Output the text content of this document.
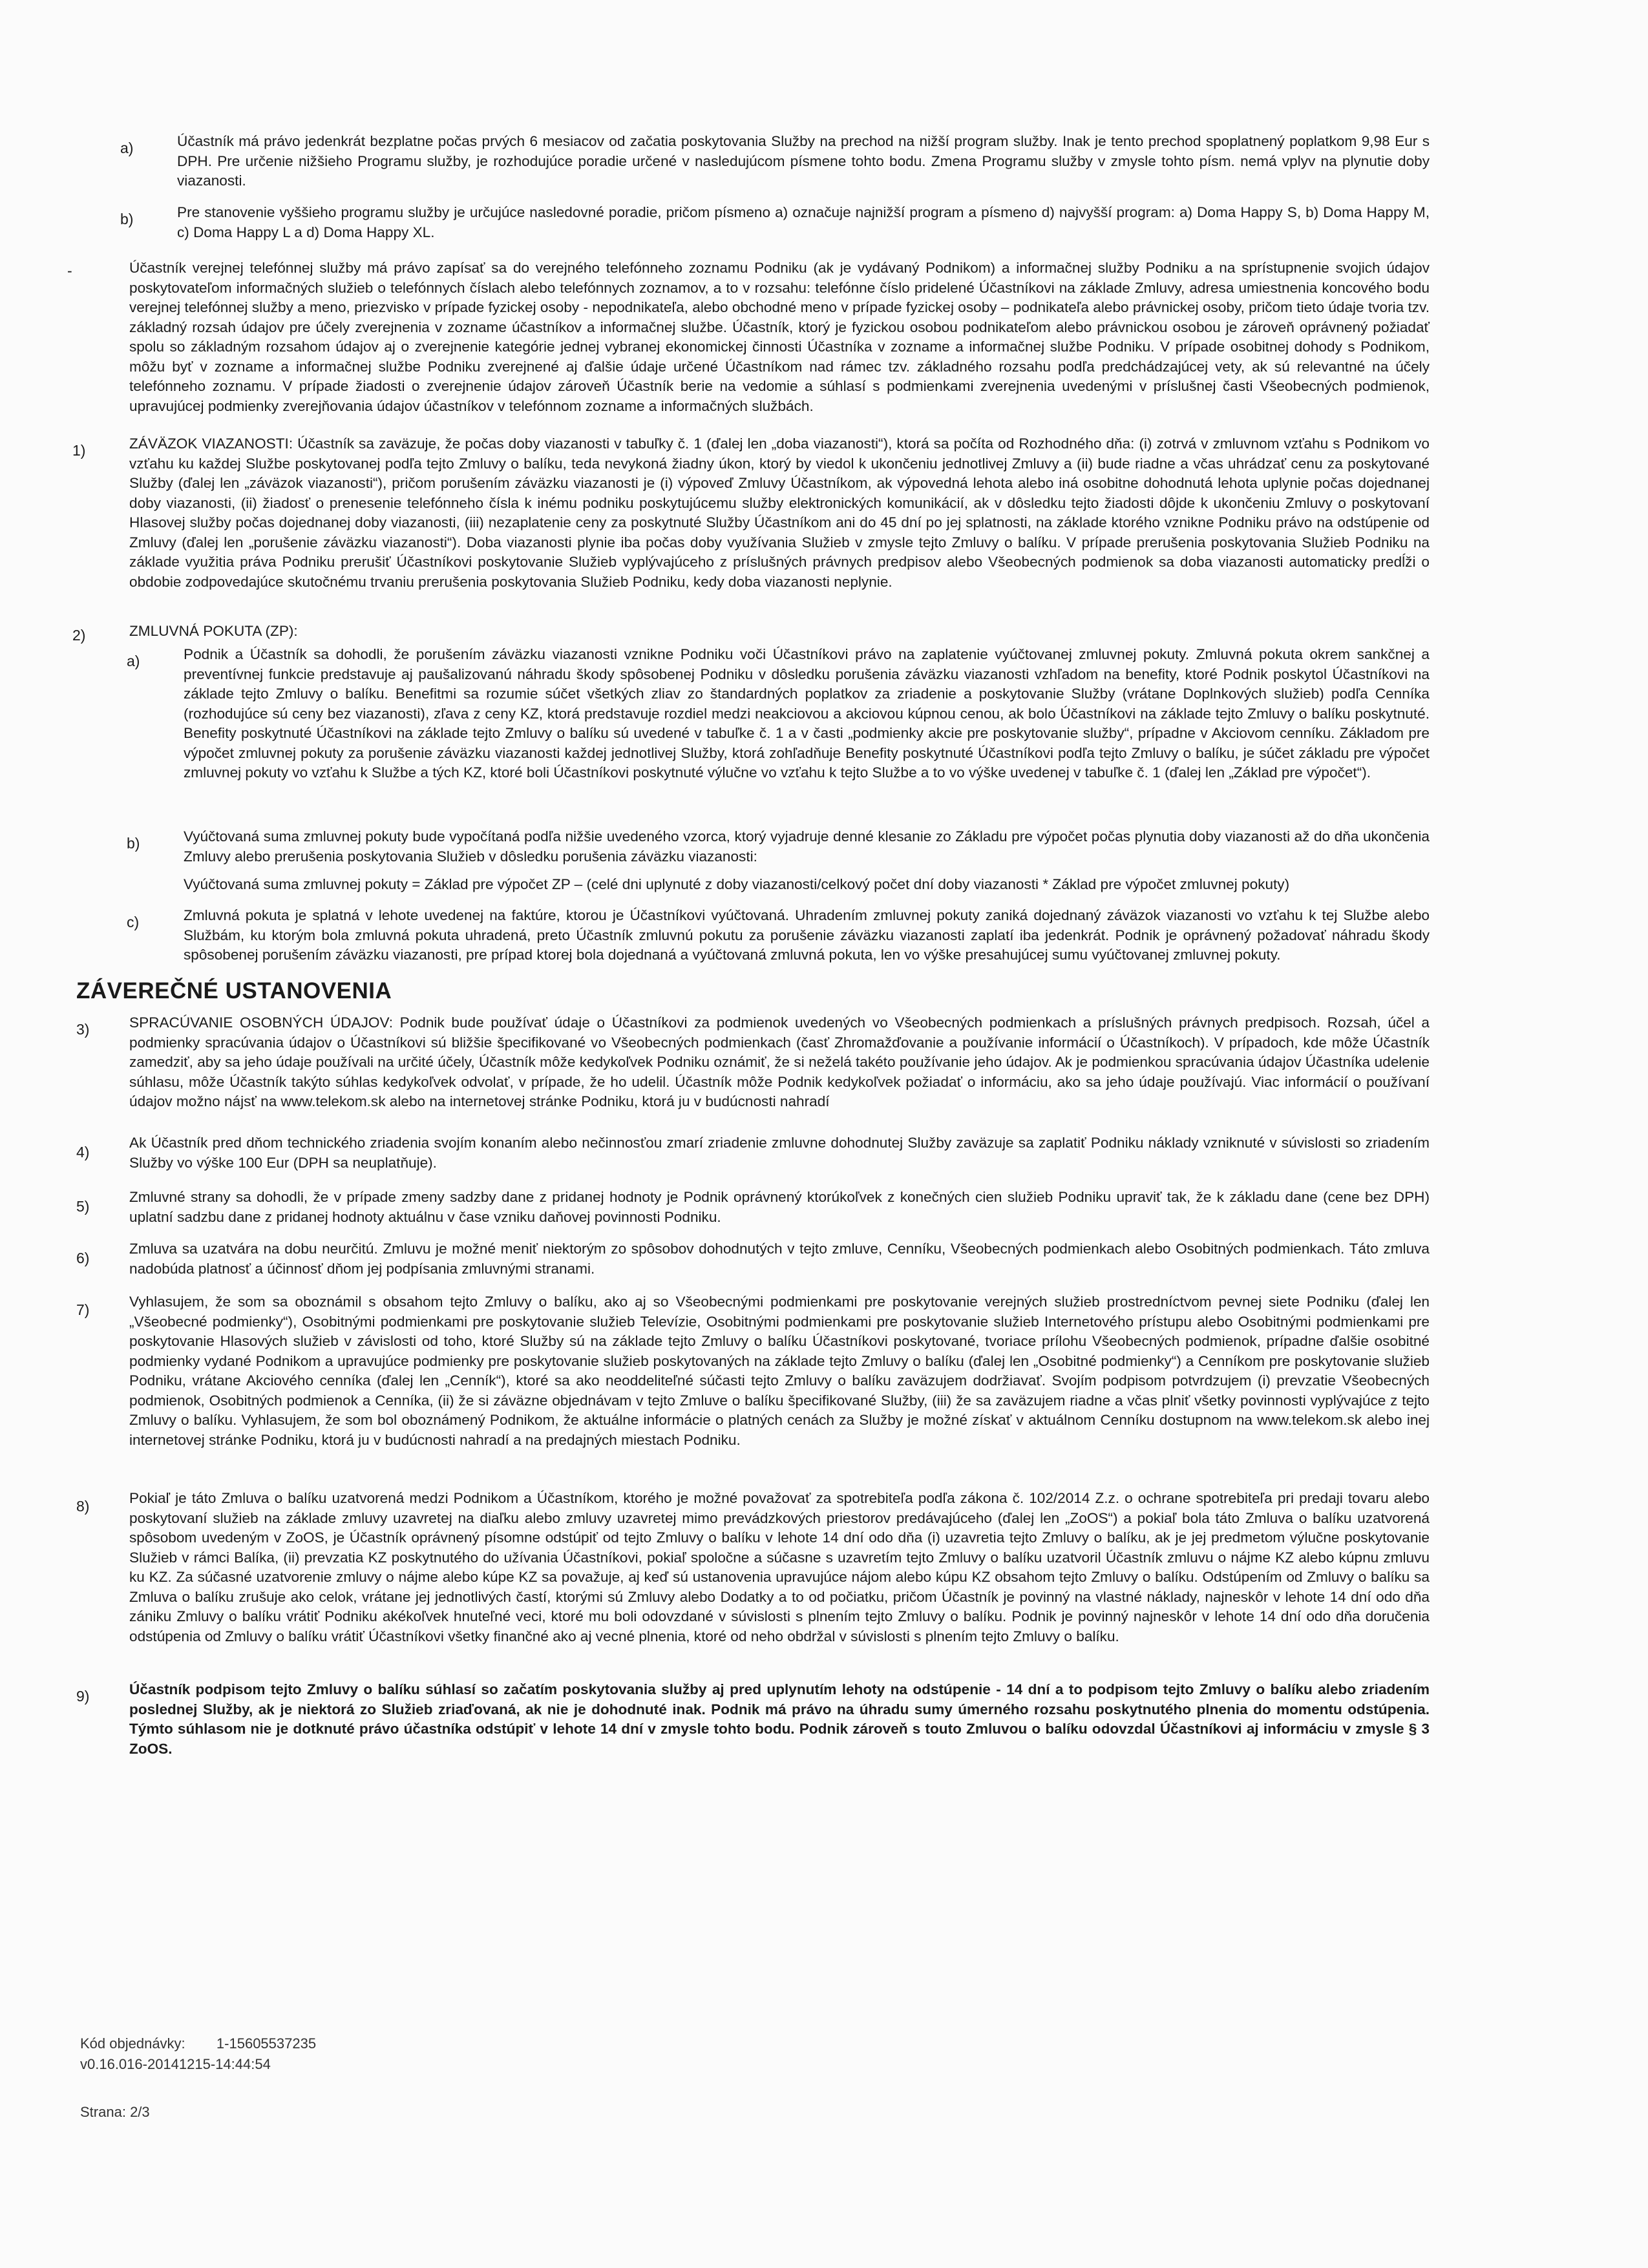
a)	Účastník má právo jedenkrát bezplatne počas prvých 6 mesiacov od začatia poskytovania Služby na prechod na nižší program služby. Inak je tento prechod spoplatnený poplatkom 9,98 Eur s DPH. Pre určenie nižšieho Programu služby, je rozhodujúce poradie určené v nasledujúcom písmene tohto bodu. Zmena Programu služby v zmysle tohto písm. nemá vplyv na plynutie doby viazanosti.
b)	Pre stanovenie vyššieho programu služby je určujúce nasledovné poradie, pričom písmeno a) označuje najnižší program a písmeno d) najvyšší program: a) Doma Happy S, b) Doma Happy M, c) Doma Happy L a d) Doma Happy XL.
-	Účastník verejnej telefónnej služby má právo zapísať sa do verejného telefónneho zoznamu Podniku (ak je vydávaný Podnikom) a informačnej služby Podniku a na sprístupnenie svojich údajov poskytovateľom informačných služieb o telefónnych číslach alebo telefónnych zoznamov, a to v rozsahu: telefónne číslo pridelené Účastníkovi na základe Zmluvy, adresa umiestnenia koncového bodu verejnej telefónnej služby a meno, priezvisko v prípade fyzickej osoby - nepodnikateľa, alebo obchodné meno v prípade fyzickej osoby – podnikateľa alebo právnickej osoby, pričom tieto údaje tvoria tzv. základný rozsah údajov pre účely zverejnenia v zozname účastníkov a informačnej službe. Účastník, ktorý je fyzickou osobou podnikateľom alebo právnickou osobou je zároveň oprávnený požiadať spolu so základným rozsahom údajov aj o zverejnenie kategórie jednej vybranej ekonomickej činnosti Účastníka v zozname a informačnej službe Podniku. V prípade osobitnej dohody s Podnikom, môžu byť v zozname a informačnej službe Podniku zverejnené aj ďalšie údaje určené Účastníkom nad rámec tzv. základného rozsahu podľa predchádzajúcej vety, ak sú relevantné na účely telefónneho zoznamu. V prípade žiadosti o zverejnenie údajov zároveň Účastník berie na vedomie a súhlasí s podmienkami zverejnenia uvedenými v príslušnej časti Všeobecných podmienok, upravujúcej podmienky zverejňovania údajov účastníkov v telefónnom zozname a informačných službách.
1)	ZÁVÄZOK VIAZANOSTI: Účastník sa zaväzuje, že počas doby viazanosti v tabuľky č. 1 (ďalej len „doba viazanosti“), ktorá sa počíta od Rozhodného dňa: (i) zotrvá v zmluvnom vzťahu s Podnikom vo vzťahu ku každej Službe poskytovanej podľa tejto Zmluvy o balíku, teda nevykoná žiadny úkon, ktorý by viedol k ukončeniu jednotlivej Zmluvy a (ii) bude riadne a včas uhrádzať cenu za poskytované Služby (ďalej len „záväzok viazanosti“), pričom porušením záväzku viazanosti je (i) výpoveď Zmluvy Účastníkom, ak výpovedná lehota alebo iná osobitne dohodnutá lehota uplynie počas dojednanej doby viazanosti, (ii) žiadosť o prenesenie telefónneho čísla k inému podniku poskytujúcemu služby elektronických komunikácií, ak v dôsledku tejto žiadosti dôjde k ukončeniu Zmluvy o poskytovaní Hlasovej služby počas dojednanej doby viazanosti, (iii) nezaplatenie ceny za poskytnuté Služby Účastníkom ani do 45 dní po jej splatnosti, na základe ktorého vznikne Podniku právo na odstúpenie od Zmluvy (ďalej len „porušenie záväzku viazanosti“). Doba viazanosti plynie iba počas doby využívania Služieb v zmysle tejto Zmluvy o balíku. V prípade prerušenia poskytovania Služieb Podniku na základe využitia práva Podniku prerušiť Účastníkovi poskytovanie Služieb vyplývajúceho z príslušných právnych predpisov alebo Všeobecných podmienok sa doba viazanosti automaticky predĺži o obdobie zodpovedajúce skutočnému trvaniu prerušenia poskytovania Služieb Podniku, kedy doba viazanosti neplynie.
2)	ZMLUVNÁ POKUTA (ZP):
a)	Podnik a Účastník sa dohodli, že porušením záväzku viazanosti vznikne Podniku voči Účastníkovi právo na zaplatenie vyúčtovanej zmluvnej pokuty. Zmluvná pokuta okrem sankčnej a preventívnej funkcie predstavuje aj paušalizovanú náhradu škody spôsobenej Podniku v dôsledku porušenia záväzku viazanosti vzhľadom na benefity, ktoré Podnik poskytol Účastníkovi na základe tejto Zmluvy o balíku. Benefitmi sa rozumie súčet všetkých zliav zo štandardných poplatkov za zriadenie a poskytovanie Služby (vrátane Doplnkových služieb) podľa Cenníka (rozhodujúce sú ceny bez viazanosti), zľava z ceny KZ, ktorá predstavuje rozdiel medzi neakciovou a akciovou kúpnou cenou, ak bolo Účastníkovi na základe tejto Zmluvy o balíku poskytnuté. Benefity poskytnuté Účastníkovi na základe tejto Zmluvy o balíku sú uvedené v tabuľke č. 1 a v časti „podmienky akcie pre poskytovanie služby“, prípadne v Akciovom cenníku. Základom pre výpočet zmluvnej pokuty za porušenie záväzku viazanosti každej jednotlivej Služby, ktorá zohľadňuje Benefity poskytnuté Účastníkovi podľa tejto Zmluvy o balíku, je súčet základu pre výpočet zmluvnej pokuty vo vzťahu k Službe a tých KZ, ktoré boli Účastníkovi poskytnuté výlučne vo vzťahu k tejto Službe a to vo výške uvedenej v tabuľke č. 1 (ďalej len „Základ pre výpočet“).
b)	Vyúčtovaná suma zmluvnej pokuty bude vypočítaná podľa nižšie uvedeného vzorca, ktorý vyjadruje denné klesanie zo Základu pre výpočet počas plynutia doby viazanosti až do dňa ukončenia Zmluvy alebo prerušenia poskytovania Služieb v dôsledku porušenia záväzku viazanosti:
Vyúčtovaná suma zmluvnej pokuty = Základ pre výpočet ZP – (celé dni uplynuté z doby viazanosti/celkový počet dní doby viazanosti * Základ pre výpočet zmluvnej pokuty)
c)	Zmluvná pokuta je splatná v lehote uvedenej na faktúre, ktorou je Účastníkovi vyúčtovaná. Uhradením zmluvnej pokuty zaniká dojednaný záväzok viazanosti vo vzťahu k tej Službe alebo Službám, ku ktorým bola zmluvná pokuta uhradená, preto Účastník zmluvnú pokutu za porušenie záväzku viazanosti zaplatí iba jedenkrát. Podnik je oprávnený požadovať náhradu škody spôsobenej porušením záväzku viazanosti, pre prípad ktorej bola dojednaná a vyúčtovaná zmluvná pokuta, len vo výške presahujúcej sumu vyúčtovanej zmluvnej pokuty.
ZÁVEREČNÉ USTANOVENIA
3)	SPRACÚVANIE OSOBNÝCH ÚDAJOV: Podnik bude používať údaje o Účastníkovi za podmienok uvedených vo Všeobecných podmienkach a príslušných právnych predpisoch. Rozsah, účel a podmienky spracúvania údajov o Účastníkovi sú bližšie špecifikované vo Všeobecných podmienkach (časť Zhromažďovanie a používanie informácií o Účastníkoch). V prípadoch, kde môže Účastník zamedziť, aby sa jeho údaje používali na určité účely, Účastník môže kedykoľvek Podniku oznámiť, že si neželá takéto používanie jeho údajov. Ak je podmienkou spracúvania údajov Účastníka udelenie súhlasu, môže Účastník takýto súhlas kedykoľvek odvolať, v prípade, že ho udelil. Účastník môže Podnik kedykoľvek požiadať o informáciu, ako sa jeho údaje používajú. Viac informácií o používaní údajov možno nájsť na www.telekom.sk alebo na internetovej stránke Podniku, ktorá ju v budúcnosti nahradí
4)
Ak Účastník pred dňom technického zriadenia svojím konaním alebo nečinnosťou zmarí zriadenie zmluvne dohodnutej Služby zaväzuje sa zaplatiť Podniku náklady vzniknuté v súvislosti so zriadením Služby vo výške 100 Eur (DPH sa neuplatňuje).
5)
Zmluvné strany sa dohodli, že v prípade zmeny sadzby dane z pridanej hodnoty je Podnik oprávnený ktorúkoľvek z konečných cien služieb Podniku upraviť tak, že k základu dane (cene bez DPH) uplatní sadzbu dane z pridanej hodnoty aktuálnu v čase vzniku daňovej povinnosti Podniku.
6)
Zmluva sa uzatvára na dobu neurčitú. Zmluvu je možné meniť niektorým zo spôsobov dohodnutých v tejto zmluve, Cenníku, Všeobecných podmienkach alebo Osobitných podmienkach. Táto zmluva nadobúda platnosť a účinnosť dňom jej podpísania zmluvnými stranami.
7)	Vyhlasujem, že som sa oboznámil s obsahom tejto Zmluvy o balíku, ako aj so Všeobecnými podmienkami pre poskytovanie verejných služieb prostredníctvom pevnej siete Podniku (ďalej len „Všeobecné podmienky“), Osobitnými podmienkami pre poskytovanie služieb Televízie, Osobitnými podmienkami pre poskytovanie služieb Internetového prístupu alebo Osobitnými podmienkami pre poskytovanie Hlasových služieb v závislosti od toho, ktoré Služby sú na základe tejto Zmluvy o balíku Účastníkovi poskytované, tvoriace prílohu Všeobecných podmienok, prípadne ďalšie osobitné podmienky vydané Podnikom a upravujúce podmienky pre poskytovanie služieb poskytovaných na základe tejto Zmluvy o balíku (ďalej len „Osobitné podmienky“) a Cenníkom pre poskytovanie služieb Podniku, vrátane Akciového cenníka (ďalej len „Cenník“), ktoré sa ako neoddeliteľné súčasti tejto Zmluvy o balíku zaväzujem dodržiavať. Svojím podpisom potvrdzujem (i) prevzatie Všeobecných podmienok, Osobitných podmienok a Cenníka, (ii) že si záväzne objednávam v tejto Zmluve o balíku špecifikované Služby, (iii) že sa zaväzujem riadne a včas plniť všetky povinnosti vyplývajúce z tejto Zmluvy o balíku. Vyhlasujem, že som bol oboznámený Podnikom, že aktuálne informácie o platných cenách za Služby je možné získať v aktuálnom Cenníku dostupnom na www.telekom.sk alebo inej internetovej stránke Podniku, ktorá ju v budúcnosti nahradí a na predajných miestach Podniku.
8)	Pokiaľ je táto Zmluva o balíku uzatvorená medzi Podnikom a Účastníkom, ktorého je možné považovať za spotrebiteľa podľa zákona č. 102/2014 Z.z. o ochrane spotrebiteľa pri predaji tovaru alebo poskytovaní služieb na základe zmluvy uzavretej na diaľku alebo zmluvy uzavretej mimo prevádzkových priestorov predávajúceho (ďalej len „ZoOS“) a pokiaľ bola táto Zmluva o balíku uzatvorená spôsobom uvedeným v ZoOS, je Účastník oprávnený písomne odstúpiť od tejto Zmluvy o balíku v lehote 14 dní odo dňa (i) uzavretia tejto Zmluvy o balíku, ak je jej predmetom výlučne poskytovanie Služieb v rámci Balíka, (ii) prevzatia KZ poskytnutého do užívania Účastníkovi, pokiaľ spoločne a súčasne s uzavretím tejto Zmluvy o balíku uzatvoril Účastník zmluvu o nájme KZ alebo kúpnu zmluvu ku KZ. Za súčasné uzatvorenie zmluvy o nájme alebo kúpe KZ sa považuje, aj keď sú ustanovenia upravujúce nájom alebo kúpu KZ obsahom tejto Zmluvy o balíku. Odstúpením od Zmluvy o balíku sa Zmluva o balíku zrušuje ako celok, vrátane jej jednotlivých častí, ktorými sú Zmluvy alebo Dodatky a to od počiatku, pričom Účastník je povinný na vlastné náklady, najneskôr v lehote 14 dní odo dňa zániku Zmluvy o balíku vrátiť Podniku akékoľvek hnuteľné veci, ktoré mu boli odovzdané v súvislosti s plnením tejto Zmluvy o balíku. Podnik je povinný najneskôr v lehote 14 dní odo dňa doručenia odstúpenia od Zmluvy o balíku vrátiť Účastníkovi všetky finančné ako aj vecné plnenia, ktoré od neho obdržal v súvislosti s plnením tejto Zmluvy o balíku.
9)	Účastník podpisom tejto Zmluvy o balíku súhlasí so začatím poskytovania služby aj pred uplynutím lehoty na odstúpenie - 14 dní a to podpisom tejto Zmluvy o balíku alebo zriadením poslednej Služby, ak je niektorá zo Služieb zriaďovaná, ak nie je dohodnuté inak. Podnik má právo na úhradu sumy úmerného rozsahu poskytnutého plnenia do momentu odstúpenia. Týmto súhlasom nie je dotknuté právo účastníka odstúpiť v lehote 14 dní v zmysle tohto bodu. Podnik zároveň s touto Zmluvou o balíku odovzdal Účastníkovi aj informáciu v zmysle § 3 ZoOS.
Kód objednávky: 1-15605537235
v0.16.016-20141215-14:44:54
Strana: 2/3
